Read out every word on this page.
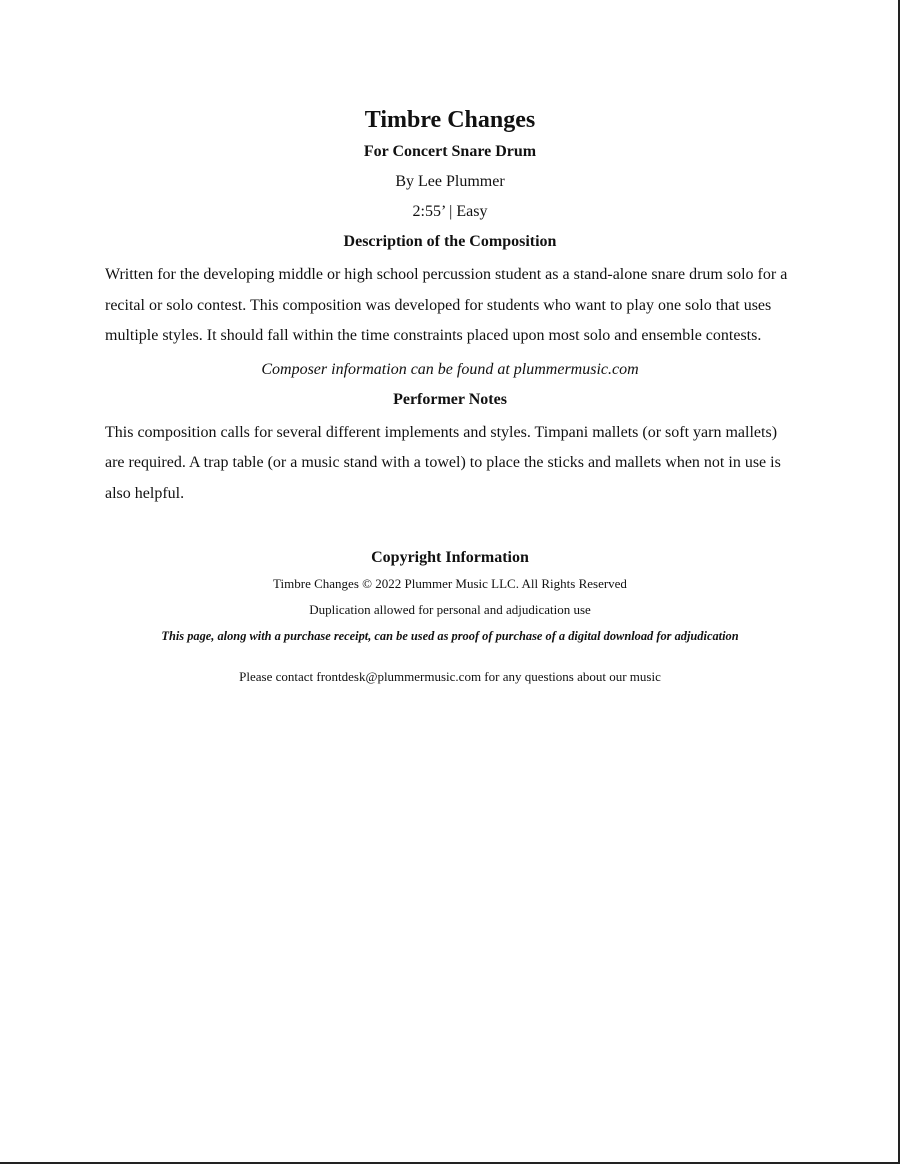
Timbre Changes
For Concert Snare Drum
By Lee Plummer
2:55’ | Easy
Description of the Composition
Written for the developing middle or high school percussion student as a stand-alone snare drum solo for a recital or solo contest. This composition was developed for students who want to play one solo that uses multiple styles. It should fall within the time constraints placed upon most solo and ensemble contests.
Composer information can be found at plummermusic.com
Performer Notes
This composition calls for several different implements and styles. Timpani mallets (or soft yarn mallets) are required. A trap table (or a music stand with a towel) to place the sticks and mallets when not in use is also helpful.
Copyright Information
Timbre Changes © 2022 Plummer Music LLC. All Rights Reserved
Duplication allowed for personal and adjudication use
This page, along with a purchase receipt, can be used as proof of purchase of a digital download for adjudication
Please contact frontdesk@plummermusic.com for any questions about our music
